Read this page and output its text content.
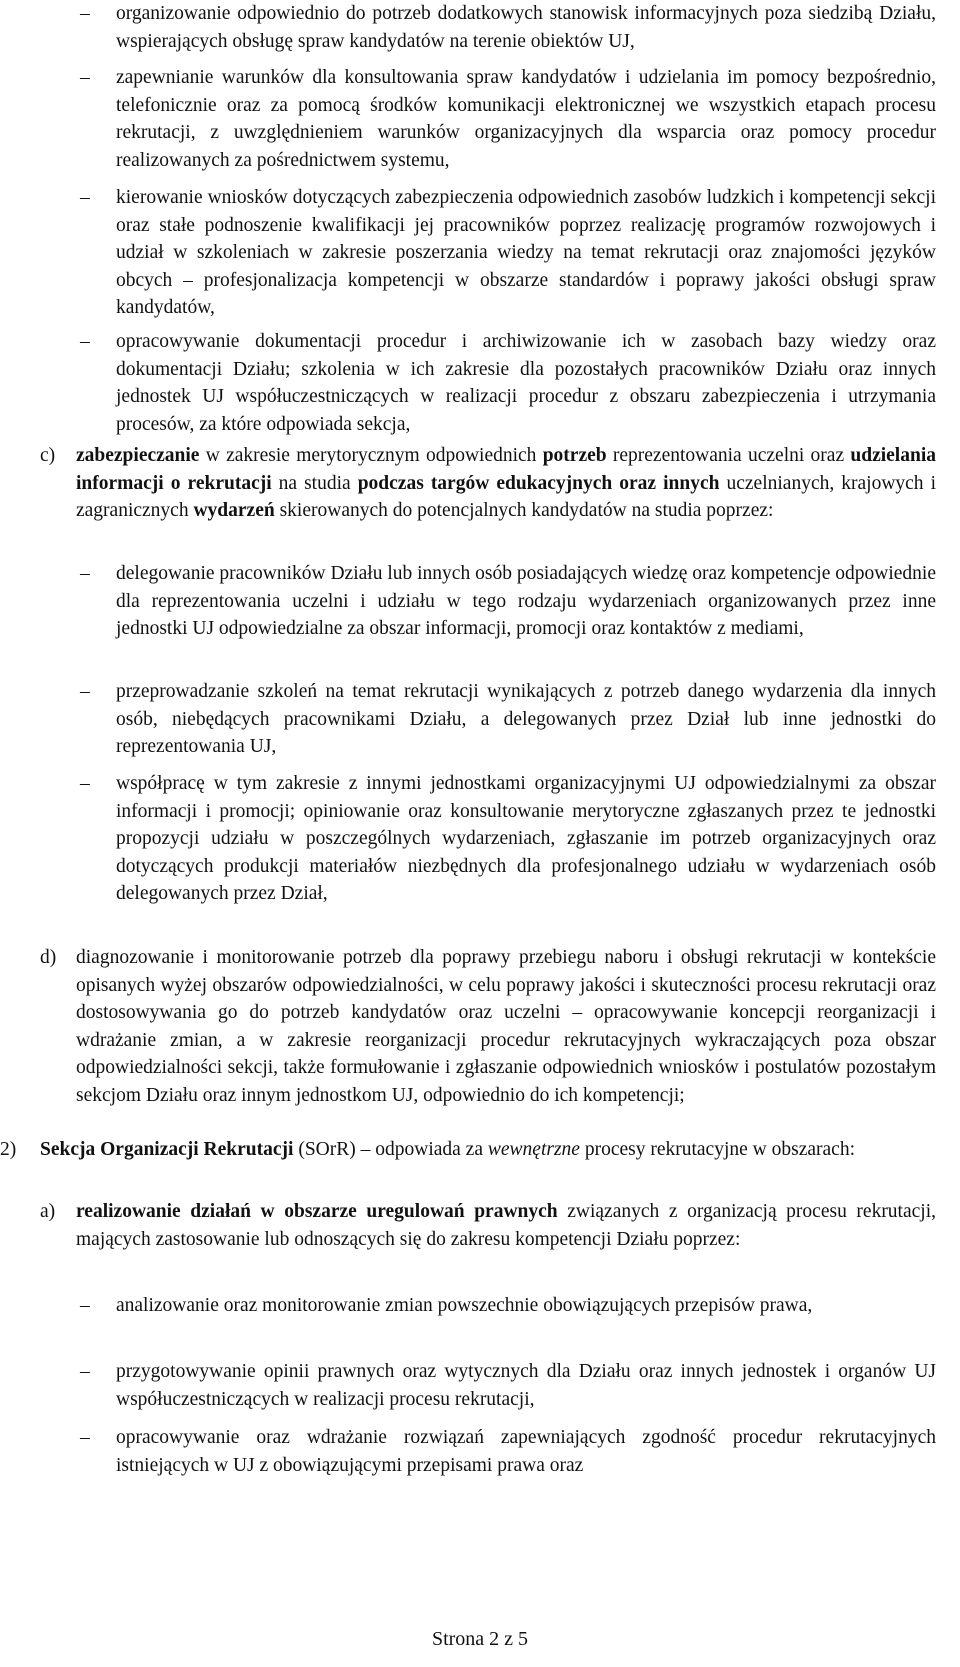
–	organizowanie odpowiednio do potrzeb dodatkowych stanowisk informacyjnych poza siedzibą Działu, wspierających obsługę spraw kandydatów na terenie obiektów UJ,
–	zapewnianie warunków dla konsultowania spraw kandydatów i udzielania im pomocy bezpośrednio, telefonicznie oraz za pomocą środków komunikacji elektronicznej we wszystkich etapach procesu rekrutacji, z uwzględnieniem warunków organizacyjnych dla wsparcia oraz pomocy procedur realizowanych za pośrednictwem systemu,
–	kierowanie wniosków dotyczących zabezpieczenia odpowiednich zasobów ludzkich i kompetencji sekcji oraz stałe podnoszenie kwalifikacji jej pracowników poprzez realizację programów rozwojowych i udział w szkoleniach w zakresie poszerzania wiedzy na temat rekrutacji oraz znajomości języków obcych – profesjonalizacja kompetencji w obszarze standardów i poprawy jakości obsługi spraw kandydatów,
–	opracowywanie dokumentacji procedur i archiwizowanie ich w zasobach bazy wiedzy oraz dokumentacji Działu; szkolenia w ich zakresie dla pozostałych pracowników Działu oraz innych jednostek UJ współuczestniczących w realizacji procedur z obszaru zabezpieczenia i utrzymania procesów, za które odpowiada sekcja,
c)	zabezpieczanie w zakresie merytorycznym odpowiednich potrzeb reprezentowania uczelni oraz udzielania informacji o rekrutacji na studia podczas targów edukacyjnych oraz innych uczelnianych, krajowych i zagranicznych wydarzeń skierowanych do potencjalnych kandydatów na studia poprzez:
–	delegowanie pracowników Działu lub innych osób posiadających wiedzę oraz kompetencje odpowiednie dla reprezentowania uczelni i udziału w tego rodzaju wydarzeniach organizowanych przez inne jednostki UJ odpowiedzialne za obszar informacji, promocji oraz kontaktów z mediami,
–	przeprowadzanie szkoleń na temat rekrutacji wynikających z potrzeb danego wydarzenia dla innych osób, niebędących pracownikami Działu, a delegowanych przez Dział lub inne jednostki do reprezentowania UJ,
–	współpracę w tym zakresie z innymi jednostkami organizacyjnymi UJ odpowiedzialnymi za obszar informacji i promocji; opiniowanie oraz konsultowanie merytoryczne zgłaszanych przez te jednostki propozycji udziału w poszczególnych wydarzeniach, zgłaszanie im potrzeb organizacyjnych oraz dotyczących produkcji materiałów niezbędnych dla profesjonalnego udziału w wydarzeniach osób delegowanych przez Dział,
d)	diagnozowanie i monitorowanie potrzeb dla poprawy przebiegu naboru i obsługi rekrutacji w kontekście opisanych wyżej obszarów odpowiedzialności, w celu poprawy jakości i skuteczności procesu rekrutacji oraz dostosowywania go do potrzeb kandydatów oraz uczelni – opracowywanie koncepcji reorganizacji i wdrażanie zmian, a w zakresie reorganizacji procedur rekrutacyjnych wykraczających poza obszar odpowiedzialności sekcji, także formułowanie i zgłaszanie odpowiednich wniosków i postulatów pozostałym sekcjom Działu oraz innym jednostkom UJ, odpowiednio do ich kompetencji;
2)	Sekcja Organizacji Rekrutacji (SOrR) – odpowiada za wewnętrzne procesy rekrutacyjne w obszarach:
a)	realizowanie działań w obszarze uregulowań prawnych związanych z organizacją procesu rekrutacji, mających zastosowanie lub odnoszących się do zakresu kompetencji Działu poprzez:
–	analizowanie oraz monitorowanie zmian powszechnie obowiązujących przepisów prawa,
–	przygotowywanie opinii prawnych oraz wytycznych dla Działu oraz innych jednostek i organów UJ współuczestniczących w realizacji procesu rekrutacji,
–	opracowywanie oraz wdrażanie rozwiązań zapewniających zgodność procedur rekrutacyjnych istniejących w UJ z obowiązującymi przepisami prawa oraz
Strona 2 z 5
